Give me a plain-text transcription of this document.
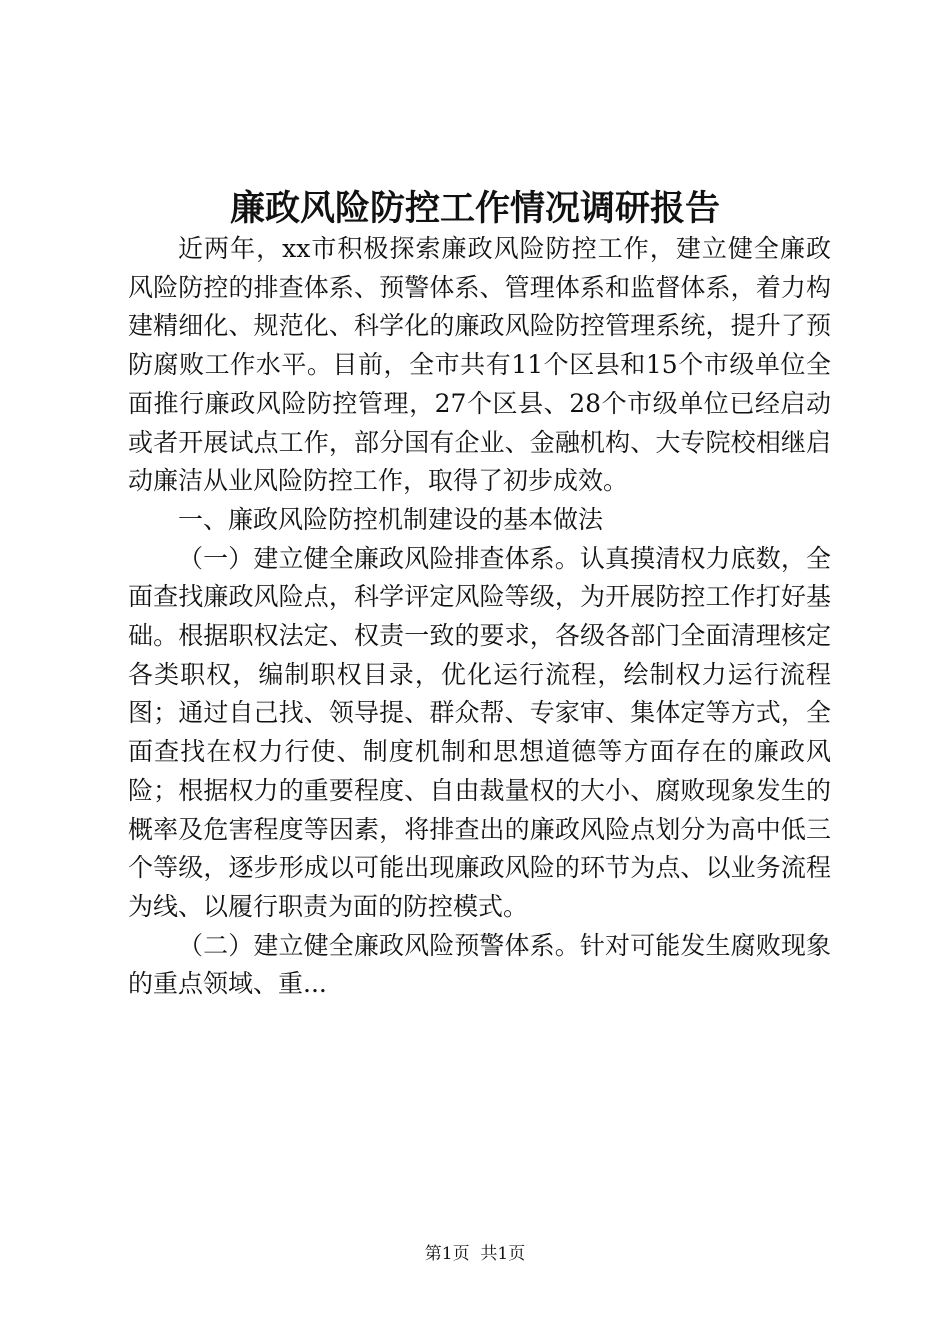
廉政风险防控工作情况调研报告

近两年，xx市积极探索廉政风险防控工作，建立健全廉政风险防控的排查体系、预警体系、管理体系和监督体系，着力构建精细化、规范化、科学化的廉政风险防控管理系统，提升了预防腐败工作水平。目前，全市共有11个区县和15个市级单位全面推行廉政风险防控管理，27个区县、28个市级单位已经启动或者开展试点工作，部分国有企业、金融机构、大专院校相继启动廉洁从业风险防控工作，取得了初步成效。

一、廉政风险防控机制建设的基本做法

（一）建立健全廉政风险排查体系。认真摸清权力底数，全面查找廉政风险点，科学评定风险等级，为开展防控工作打好基础。根据职权法定、权责一致的要求，各级各部门全面清理核定各类职权，编制职权目录，优化运行流程，绘制权力运行流程图；通过自己找、领导提、群众帮、专家审、集体定等方式，全面查找在权力行使、制度机制和思想道德等方面存在的廉政风险；根据权力的重要程度、自由裁量权的大小、腐败现象发生的概率及危害程度等因素，将排查出的廉政风险点划分为高中低三个等级，逐步形成以可能出现廉政风险的环节为点、以业务流程为线、以履行职责为面的防控模式。

（二）建立健全廉政风险预警体系。针对可能发生腐败现象的重点领域、重...

第1页 共1页
